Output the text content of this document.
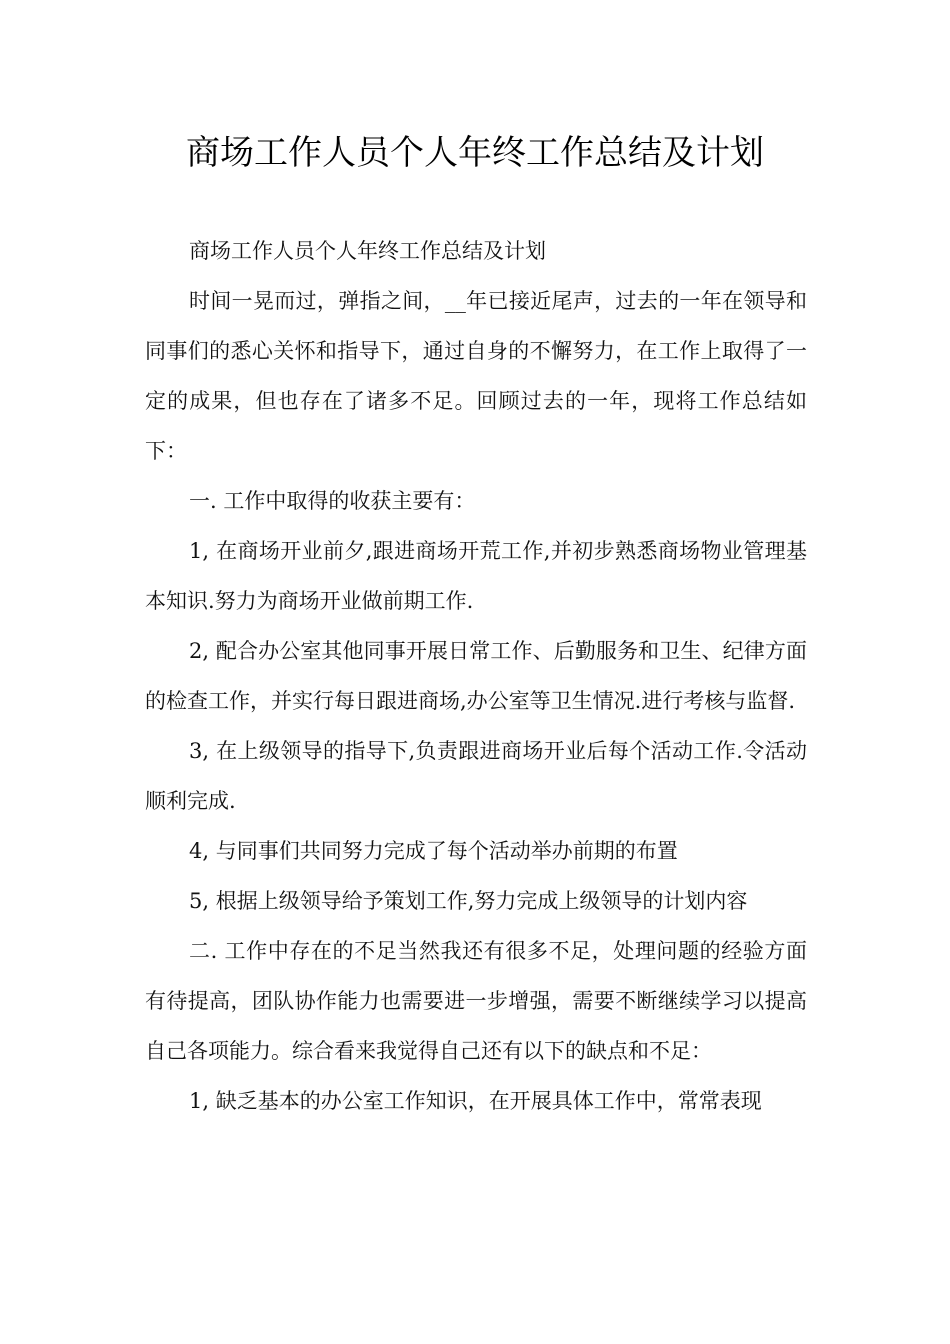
商场工作人员个人年终工作总结及计划

商场工作人员个人年终工作总结及计划

时间一晃而过，弹指之间，__年已接近尾声，过去的一年在领导和同事们的悉心关怀和指导下，通过自身的不懈努力，在工作上取得了一定的成果，但也存在了诸多不足。回顾过去的一年，现将工作总结如下：

一. 工作中取得的收获主要有：

1, 在商场开业前夕,跟进商场开荒工作,并初步熟悉商场物业管理基本知识.努力为商场开业做前期工作.

2, 配合办公室其他同事开展日常工作、后勤服务和卫生、纪律方面的检查工作，并实行每日跟进商场,办公室等卫生情况.进行考核与监督.

3, 在上级领导的指导下,负责跟进商场开业后每个活动工作.令活动顺利完成.

4, 与同事们共同努力完成了每个活动举办前期的布置

5, 根据上级领导给予策划工作,努力完成上级领导的计划内容

二. 工作中存在的不足当然我还有很多不足，处理问题的经验方面有待提高，团队协作能力也需要进一步增强，需要不断继续学习以提高自己各项能力。综合看来我觉得自己还有以下的缺点和不足：

1, 缺乏基本的办公室工作知识，在开展具体工作中，常常表现
